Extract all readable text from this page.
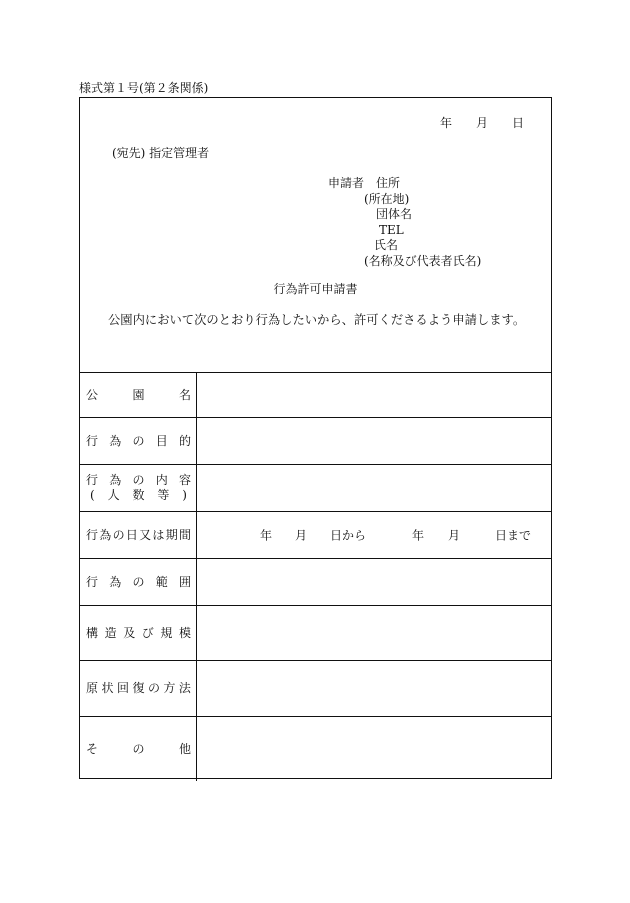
様式第１号(第２条関係)
年 月 日
(宛先) 指定管理者
申請者 住所
(所在地)
団体名
TEL
氏名
(名称及び代表者氏名)
行為許可申請書
公園内において次のとおり行為したいから、許可くださるよう申請します。
公	園	名
行 為 の 目 的
行 為 の 内 容
( 人 数 等 )
行 為 の 日 又 は 期 間	年 月 日から	年 月	日まで
行 為 の 範 囲
構 造 及 び 規 模
原 状 回 復 の 方 法
そ	の	他
